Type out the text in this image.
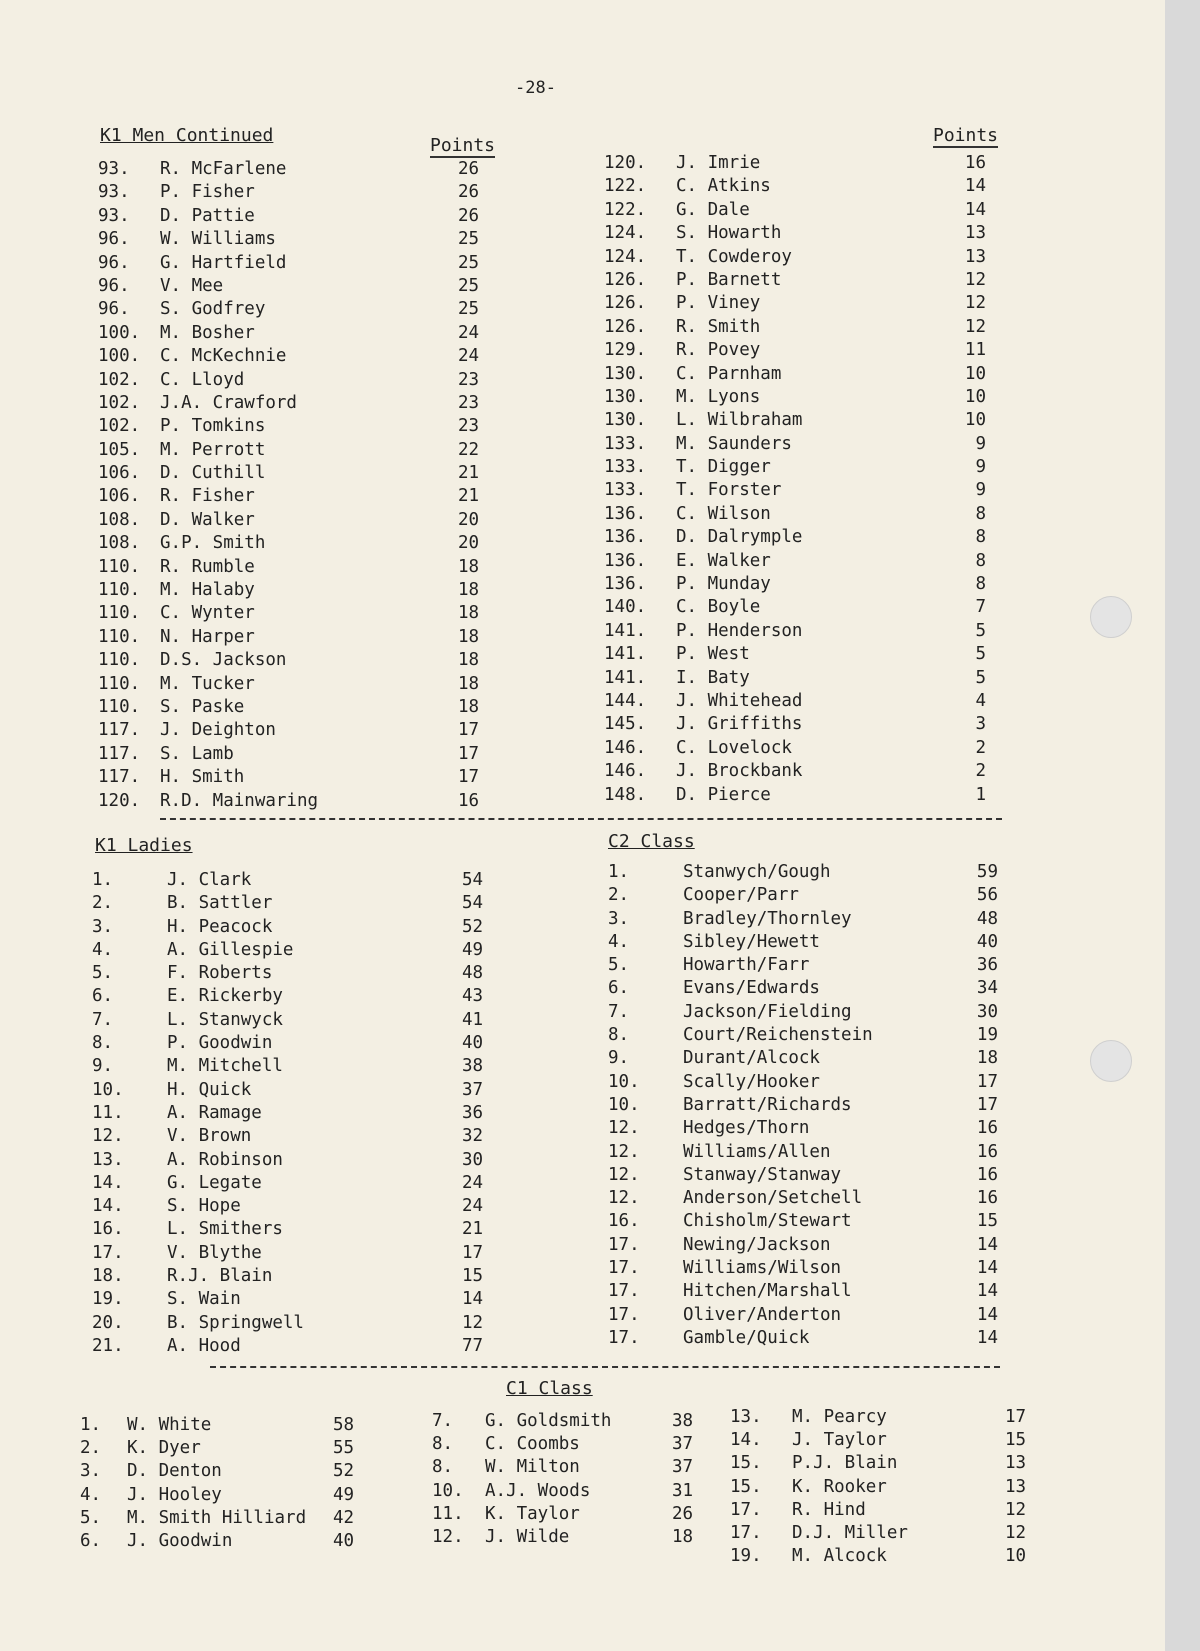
-28-
K1 Men Continued	Points	Points
93. R. McFarlene	26
93. P. Fisher	26
93. D. Pattie	26
96. W. Williams	25
96. G. Hartfield	25
96. V. Mee	25
96. S. Godfrey	25
100. M. Bosher	24
100. C. McKechnie	24
102. C. Lloyd	23
102. J.A. Crawford	23
102. P. Tomkins	23
105. M. Perrott	22
106. D. Cuthill	21
106. R. Fisher	21
108. D. Walker	20
108. G.P. Smith	20
110. R. Rumble	18
110. M. Halaby	18
110. C. Wynter	18
110. N. Harper	18
110. D.S. Jackson	18
110. M. Tucker	18
110. S. Paske	18
117. J. Deighton	17
117. S. Lamb	17
117. H. Smith	17
120. R.D. Mainwaring	16
120. J. Imrie	16
122. C. Atkins	14
122. G. Dale	14
124. S. Howarth	13
124. T. Cowderoy	13
126. P. Barnett	12
126. P. Viney	12
126. R. Smith	12
129. R. Povey	11
130. C. Parnham	10
130. M. Lyons	10
130. L. Wilbraham	10
133. M. Saunders	9
133. T. Digger	9
133. T. Forster	9
136. C. Wilson	8
136. D. Dalrymple	8
136. E. Walker	8
136. P. Munday	8
140. C. Boyle	7
141. P. Henderson	5
141. P. West	5
141. I. Baty	5
144. J. Whitehead	4
145. J. Griffiths	3
146. C. Lovelock	2
146. J. Brockbank	2
148. D. Pierce	1
K1 Ladies
1.	J. Clark	54
2.	B. Sattler	54
3.	H. Peacock	52
4.	A. Gillespie	49
5.	F. Roberts	48
6.	E. Rickerby	43
7.	L. Stanwyck	41
8.	P. Goodwin	40
9.	M. Mitchell	38
10. H. Quick	37
11. A. Ramage	36
12. V. Brown	32
13. A. Robinson	30
14. G. Legate	24
14. S. Hope	24
16. L. Smithers	21
17. V. Blythe	17
18. R.J. Blain	15
19. S. Wain	14
20. B. Springwell	12
21. A. Hood	77
C2 Class
1.	Stanwych/Gough	59
2.	Cooper/Parr	56
3.	Bradley/Thornley	48
4.	Sibley/Hewett	40
5.	Howarth/Farr	36
6.	Evans/Edwards	34
7.	Jackson/Fielding	30
8.	Court/Reichenstein	19
9.	Durant/Alcock	18
10. Scally/Hooker	17
10. Barratt/Richards	17
12. Hedges/Thorn	16
12. Williams/Allen	16
12. Stanway/Stanway	16
12. Anderson/Setchell	16
16. Chisholm/Stewart	15
17. Newing/Jackson	14
17. Williams/Wilson	14
17. Hitchen/Marshall	14
17. Oliver/Anderton	14
17. Gamble/Quick	14
C1 Class
1. W. White	58
2. K. Dyer	55
3. D. Denton	52
4. J. Hooley	49
5. M. Smith Hilliard 42
6. J. Goodwin	40
7. G. Goldsmith	38
8. C. Coombs	37
8. W. Milton	37
10. A.J. Woods	31
11. K. Taylor	26
12. J. Wilde	18
13. M. Pearcy	17
14. J. Taylor	15
15. P.J. Blain	13
15. K. Rooker	13
17. R. Hind	12
17. D.J. Miller	12
19. M. Alcock	10
